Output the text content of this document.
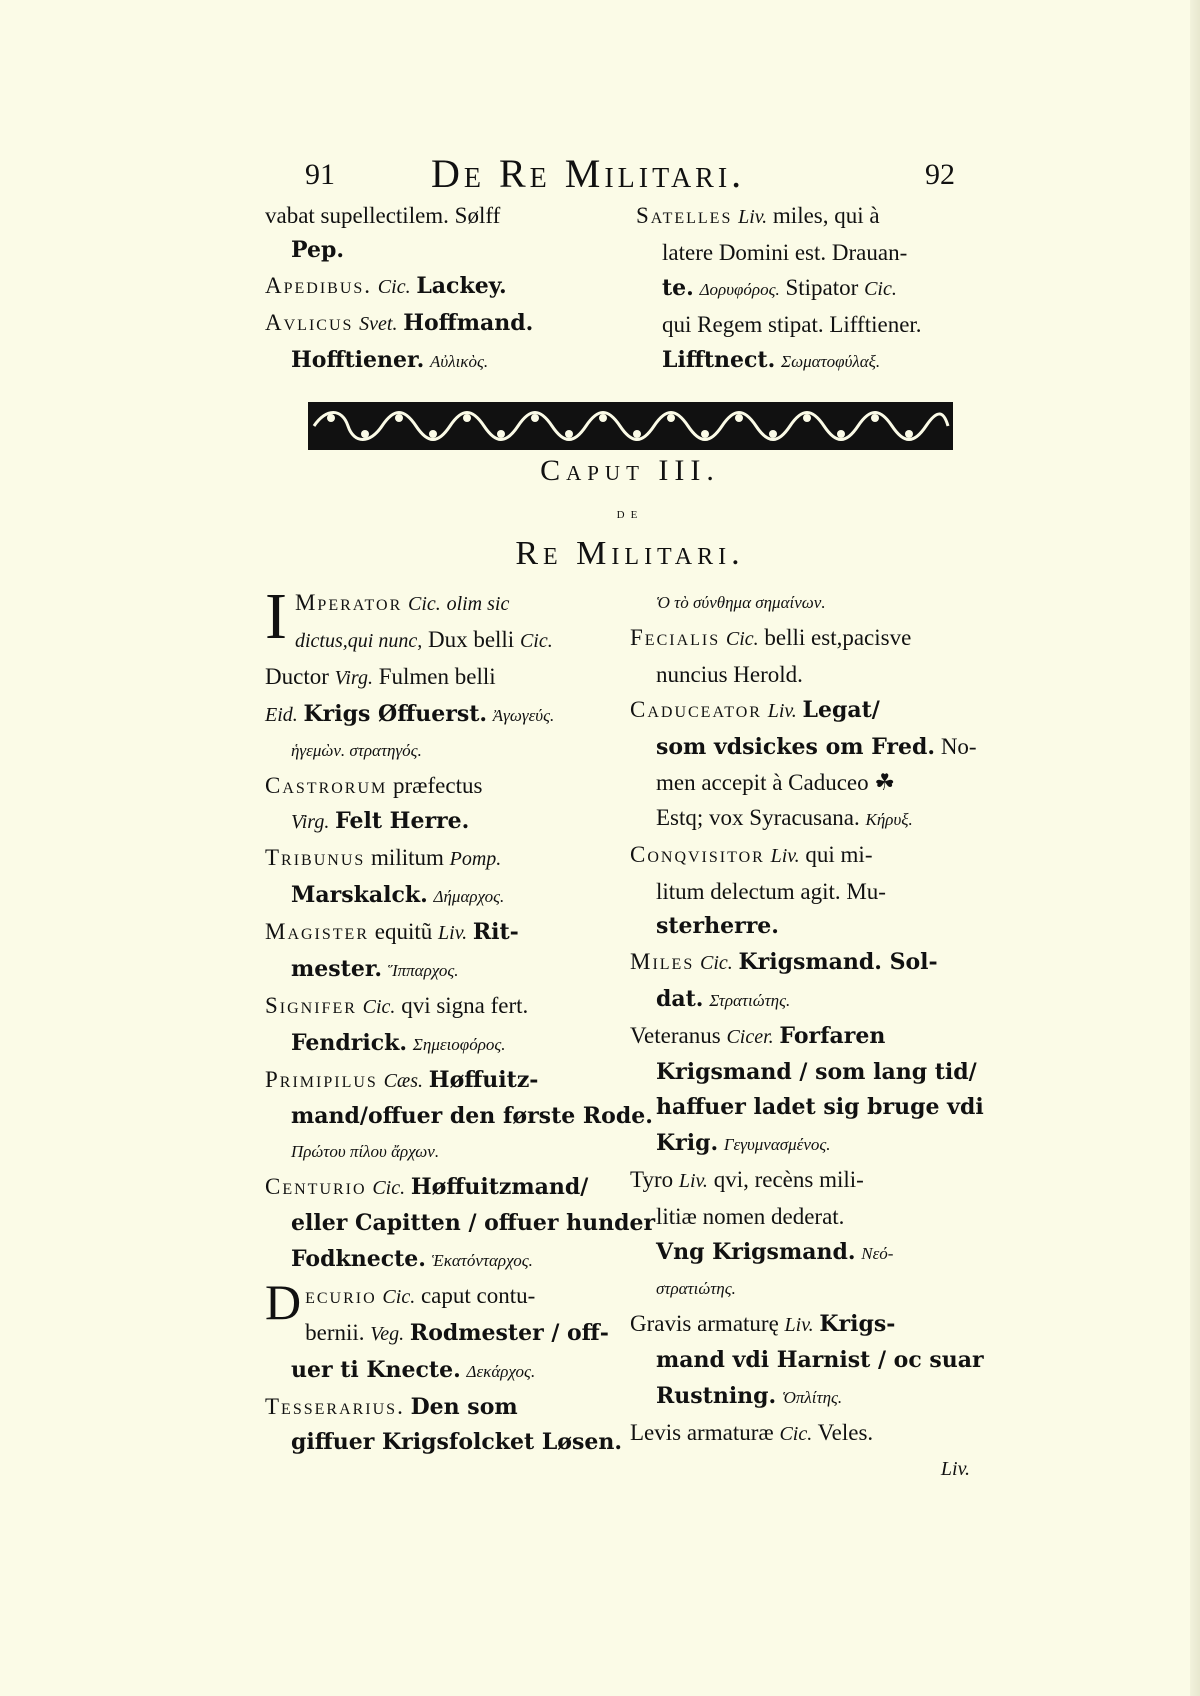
91 De Re Militari.	92
vabat supellectilem. Sølff
Pep.
Apedibus. Cic. Lackey.
Avlicus Svet. Hoffmand.
Hofftiener. Αὐλικὸς.
Satelles Liv. miles, qui à
latere Domini est. Drauan-
te. Δορυφόρος. Stipator Cic.
qui Regem stipat. Lifftiener.
Lifftnect. Σωματοφύλαξ.
Caput III.
de
Re Militari.
I Mperator Cic. olim sic
dictus,qui nunc, Dux belli Cic.
Ductor Virg. Fulmen belli
Eid. Krigs Øffuerst. Ἀγωγεύς.
ἡγεμὼν. στρατηγός.
Castrorum præfectus
Virg. Felt Herre.
Tribunus militum Pomp.
Marskalck. Δήμαρχος.
Magister equitũ Liv. Rit-
mester. Ἵππαρχος.
Signifer Cic. qvi signa fert.
Fendrick. Σημειοφόρος.
Primipilus Cæs. Høffuitz-
mand/offuer den første Rode.
Πρώτου πίλου ἄρχων.
Centurio Cic. Høffuitzmand/
eller Capitten / offuer hunder
Fodknecte. Ἑκατόνταρχος.
D ecurio Cic. caput contu-
bernii. Veg. Rodmester / off-
uer ti Knecte. Δεκάρχος.
Tesserarius. Den som
giffuer Krigsfolcket Løsen.
Ὁ τὸ σύνθημα σημαίνων.
Fecialis Cic. belli est,pacisve
nuncius Herold.
Caduceator Liv. Legat/
som vdsickes om Fred. No-
men accepit à Caduceo ☘
Estq; vox Syracusana. Κήρυξ.
Conqvisitor Liv. qui mi-
litum delectum agit. Mu-
sterherre.
Miles Cic. Krigsmand. Sol-
dat. Στρατιώτης.
Veteranus Cicer. Forfaren
Krigsmand / som lang tid/
haffuer ladet sig bruge vdi
Krig. Γεγυμνασμένος.
Tyro Liv. qvi, recèns mili-
litiæ nomen dederat.
Vng Krigsmand. Νεό-
στρατιώτης.
Gravis armaturę Liv. Krigs-
mand vdi Harnist / oc suar
Rustning. Ὁπλίτης.
Levis armaturæ Cic. Veles.
Liv.
